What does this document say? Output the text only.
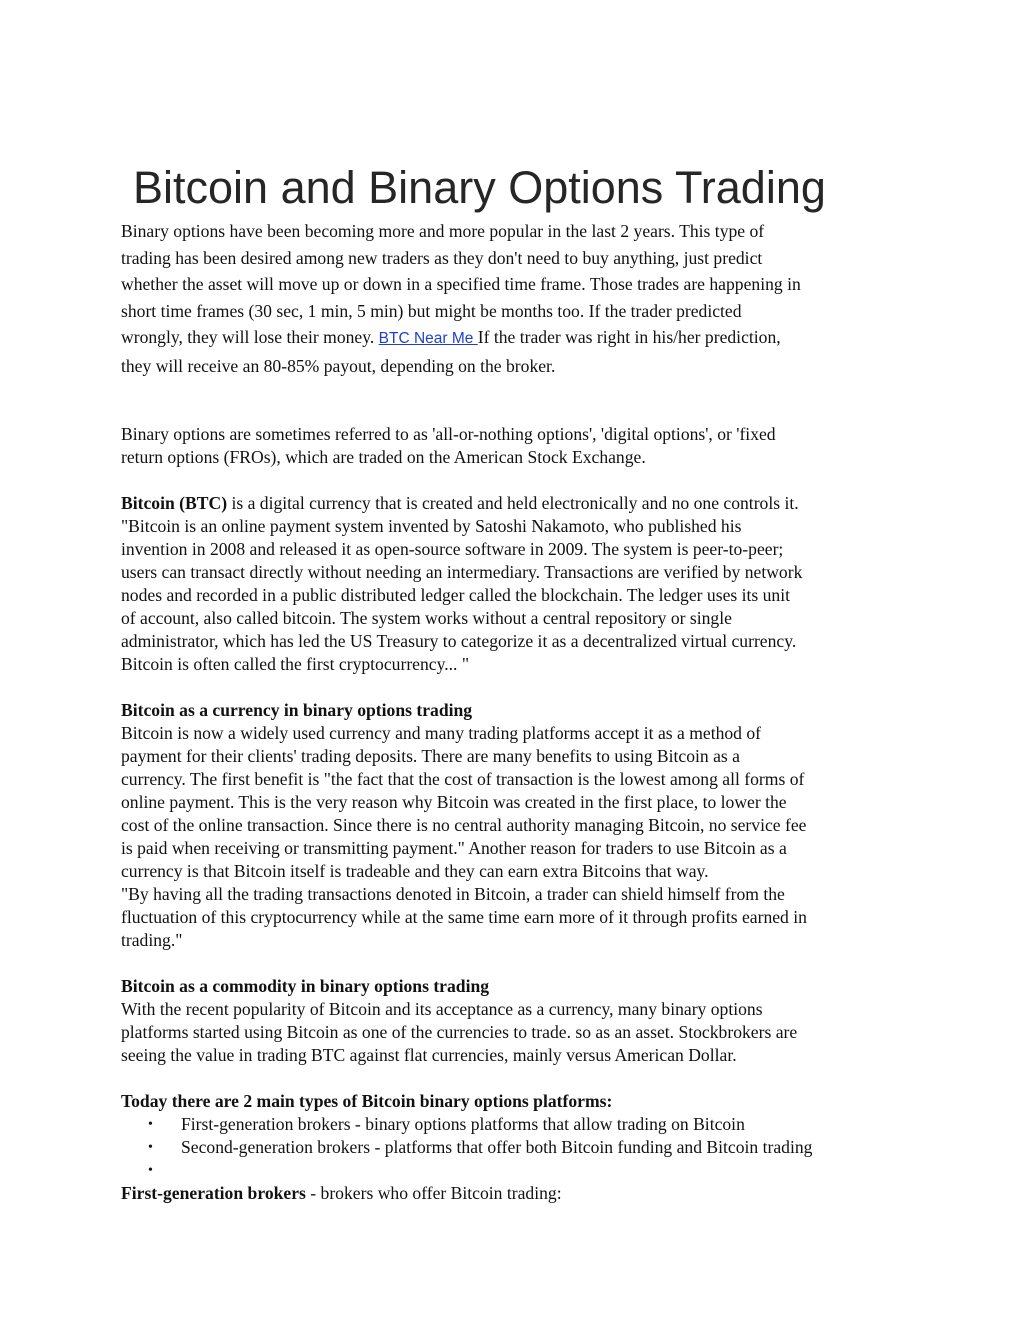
Bitcoin and Binary Options Trading
Binary options have been becoming more and more popular in the last 2 years. This type of
trading has been desired among new traders as they don't need to buy anything, just predict
whether the asset will move up or down in a specified time frame. Those trades are happening in
short time frames (30 sec, 1 min, 5 min) but might be months too. If the trader predicted
wrongly, they will lose their money. BTC Near Me If the trader was right in his/her prediction,
they will receive an 80-85% payout, depending on the broker.
Binary options are sometimes referred to as 'all-or-nothing options', 'digital options', or 'fixed
return options (FROs), which are traded on the American Stock Exchange.
Bitcoin (BTC) is a digital currency that is created and held electronically and no one controls it.
"Bitcoin is an online payment system invented by Satoshi Nakamoto, who published his
invention in 2008 and released it as open-source software in 2009. The system is peer-to-peer;
users can transact directly without needing an intermediary. Transactions are verified by network
nodes and recorded in a public distributed ledger called the blockchain. The ledger uses its unit
of account, also called bitcoin. The system works without a central repository or single
administrator, which has led the US Treasury to categorize it as a decentralized virtual currency.
Bitcoin is often called the first cryptocurrency... "
Bitcoin as a currency in binary options trading
Bitcoin is now a widely used currency and many trading platforms accept it as a method of
payment for their clients' trading deposits. There are many benefits to using Bitcoin as a
currency. The first benefit is "the fact that the cost of transaction is the lowest among all forms of
online payment. This is the very reason why Bitcoin was created in the first place, to lower the
cost of the online transaction. Since there is no central authority managing Bitcoin, no service fee
is paid when receiving or transmitting payment." Another reason for traders to use Bitcoin as a
currency is that Bitcoin itself is tradeable and they can earn extra Bitcoins that way.
"By having all the trading transactions denoted in Bitcoin, a trader can shield himself from the
fluctuation of this cryptocurrency while at the same time earn more of it through profits earned in
trading."
Bitcoin as a commodity in binary options trading
With the recent popularity of Bitcoin and its acceptance as a currency, many binary options
platforms started using Bitcoin as one of the currencies to trade. so as an asset. Stockbrokers are
seeing the value in trading BTC against flat currencies, mainly versus American Dollar.
Today there are 2 main types of Bitcoin binary options platforms:
• First-generation brokers - binary options platforms that allow trading on Bitcoin
• Second-generation brokers - platforms that offer both Bitcoin funding and Bitcoin trading
•
First-generation brokers - brokers who offer Bitcoin trading:
